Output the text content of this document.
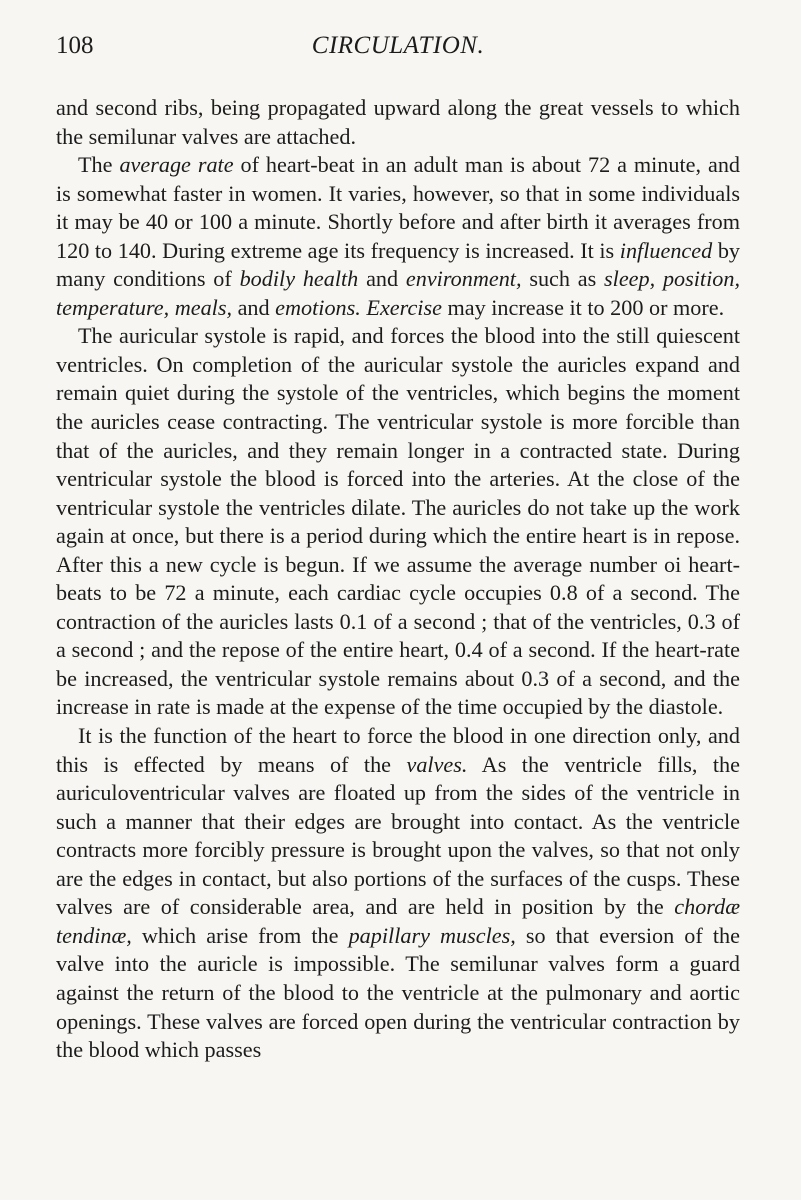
108	CIRCULATION.

and second ribs, being propagated upward along the great vessels to which the semilunar valves are attached.

The average rate of heart-beat in an adult man is about 72 a minute, and is somewhat faster in women. It varies, however, so that in some individuals it may be 40 or 100 a minute. Shortly before and after birth it averages from 120 to 140. During extreme age its frequency is increased. It is influenced by many conditions of bodily health and environment, such as sleep, position, temperature, meals, and emotions. Exercise may increase it to 200 or more.

The auricular systole is rapid, and forces the blood into the still quiescent ventricles. On completion of the auricular systole the auricles expand and remain quiet during the systole of the ventricles, which begins the moment the auricles cease contracting. The ventricular systole is more forcible than that of the auricles, and they remain longer in a contracted state. During ventricular systole the blood is forced into the arteries. At the close of the ventricular systole the ventricles dilate. The auricles do not take up the work again at once, but there is a period during which the entire heart is in repose. After this a new cycle is begun. If we assume the average number oi heart-beats to be 72 a minute, each cardiac cycle occupies 0.8 of a second. The contraction of the auricles lasts 0.1 of a second ; that of the ventricles, 0.3 of a second ; and the repose of the entire heart, 0.4 of a second. If the heart-rate be increased, the ventricular systole remains about 0.3 of a second, and the increase in rate is made at the expense of the time occupied by the diastole.

It is the function of the heart to force the blood in one direction only, and this is effected by means of the valves. As the ventricle fills, the auriculoventricular valves are floated up from the sides of the ventricle in such a manner that their edges are brought into contact. As the ventricle contracts more forcibly pressure is brought upon the valves, so that not only are the edges in contact, but also portions of the surfaces of the cusps. These valves are of considerable area, and are held in position by the chordæ tendinæ, which arise from the papillary muscles, so that eversion of the valve into the auricle is impossible. The semilunar valves form a guard against the return of the blood to the ventricle at the pulmonary and aortic openings. These valves are forced open during the ventricular contraction by the blood which passes
